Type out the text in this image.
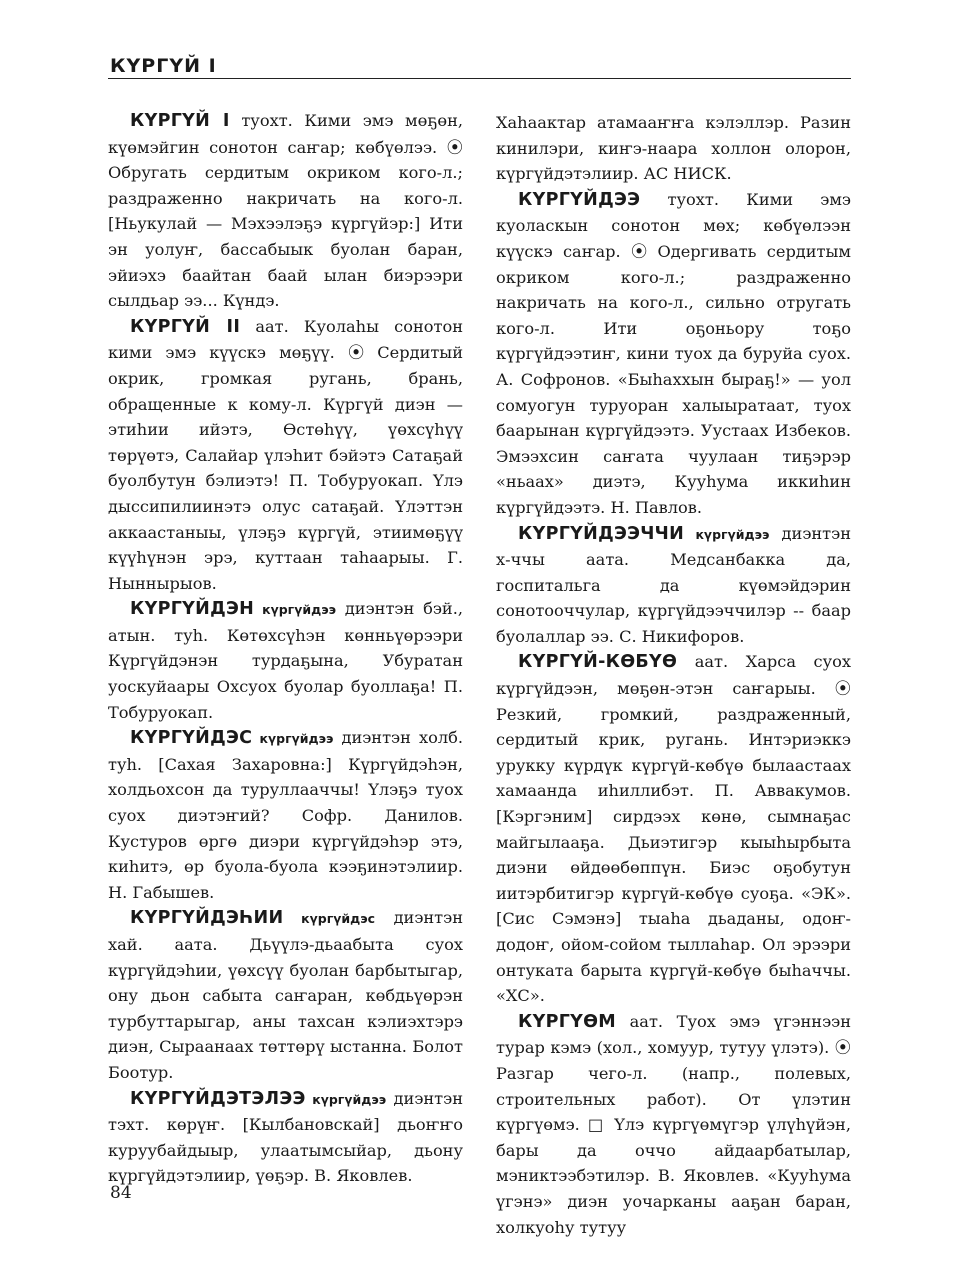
КҮРГҮЙ I

КҮРГҮЙ I туохт. Кими эмэ мөҕөн, күөмэйгин сонотон саҥар; көбүөлээ. ⦿ Обругать сердитым окриком кого-л.; раздраженно накричать на кого-л. [Ньукулай — Мэхээлэҕэ күргүйэр:] Ити эн уолуҥ, бассабыык буолан баран, эйиэхэ баайтан баай ылан биэрээри сылдьар ээ... Күндэ.

КҮРГҮЙ II аат. Куолаһы сонотон кими эмэ күүскэ мөҕүү. ⦿ Сердитый окрик, громкая ругань, брань, обращенные к кому-л. Күргүй диэн — этиһии ийэтэ, Өстөһүү, үөхсүһүү төрүөтэ, Салайар үлэһит бэйэтэ Сатаҕай буолбутун бэлиэтэ! П. Тобуруокап. Үлэ дыссипилиинэтэ олус сатаҕай. Үлэттэн аккаастаныы, үлэҕэ күргүй, этиимөҕүү күүһүнэн эрэ, куттаан таһаарыы. Г. Ныннырыов.

КҮРГҮЙДЭН күргүйдээ диэнтэн бэй., атын. туһ. Көтөхсүһэн көнньүөрээри Күргүйдэнэн турдаҕына, Убуратан уоскуйаары Охсуох буолар буоллаҕа! П. Тобуруокап.

КҮРГҮЙДЭС күргүйдээ диэнтэн холб. туһ. [Сахая Захаровна:] Күргүйдэһэн, холдьохсон да туруллааччы! Үлэҕэ туох суох диэтэҥий? Софр. Данилов. Кустуров өргө диэри күргүйдэһэр этэ, киһитэ, өр буола-буола кээҕинэтэлиир. Н. Габышев.

КҮРГҮЙДЭҺИИ күргүйдэс диэнтэн хай. аата. Дьүүлэ-дьаабыта суох күргүйдэһии, үөхсүү буолан барбытыгар, ону дьон сабыта саҥаран, көбдьүөрэн турбуттарыгар, аны тахсан кэлиэхтэрэ диэн, Сыраанаах төттөрү ыстанна. Болот Боотур.

КҮРГҮЙДЭТЭЛЭЭ күргүйдээ диэнтэн тэхт. көрүҥ. [Кылбановскай] дьоҥҥо куруубайдыыр, улаатымсыйар, дьону күргүйдэтэлиир, үөҕэр. В. Яковлев.

Хаһаактар атамааҥҥа кэлэллэр. Разин кинилэри, киҥэ-наара холлон олорон, күргүйдэтэлиир. АС НИСК.

КҮРГҮЙДЭЭ туохт. Кими эмэ куоласкын сонотон мөх; көбүөлээн күүскэ саҥар. ⦿ Одергивать сердитым окриком кого-л.; раздраженно накричать на кого-л., сильно отругать кого-л. Ити оҕоньору тоҕо күргүйдээтиҥ, кини туох да буруйа суох. А. Софронов. «Быһаххын быраҕ!» — уол сомуогун туруоран халыыратаат, туох баарынан күргүйдээтэ. Уустаах Избеков. Эмээхсин саҥата чуулаан тиҕэрэр «ньаах» диэтэ, Кууһума иккиһин күргүйдээтэ. Н. Павлов.

КҮРГҮЙДЭЭЧЧИ күргүйдээ диэнтэн х-ччы аата. Медсанбакка да, госпитальга да күөмэйдэрин сонотооччулар, күргүйдээччилэр -- баар буолаллар ээ. С. Никифоров.

КҮРГҮЙ-КӨБҮӨ аат. Харса суох күргүйдээн, мөҕөн-этэн саҥарыы. ⦿ Резкий, громкий, раздраженный, сердитый крик, ругань. Интэриэккэ урукку күрдүк күргүй-көбүө былаастаах хамаанда иһиллибэт. П. Аввакумов. [Кэргэним] сирдээх көнө, сымнаҕас майгылааҕа. Дьиэтигэр кыыһырбыта диэни өйдөөбөппүн. Биэс оҕобутун иитэрбитигэр күргүй-көбүө суоҕа. «ЭК». [Сис Сэмэнэ] тыаһа дьаданы, одоҥ-додоҥ, ойом-сойом тыллаһар. Ол эрээри онтуката барыта күргүй-көбүө быһаччы. «ХС».

КҮРГҮӨМ аат. Туох эмэ үгэннээн турар кэмэ (хол., хомуур, тутуу үлэтэ). ⦿ Разгар чего-л. (напр., полевых, строительных работ). От үлэтин күргүөмэ. □ Үлэ күргүөмүгэр үлүһүйэн, бары да оччо айдаарбатылар, мэниктээбэтилэр. В. Яковлев. «Кууһума үгэнэ» диэн уочарканы ааҕан баран, холкуоһу тутуу

84
